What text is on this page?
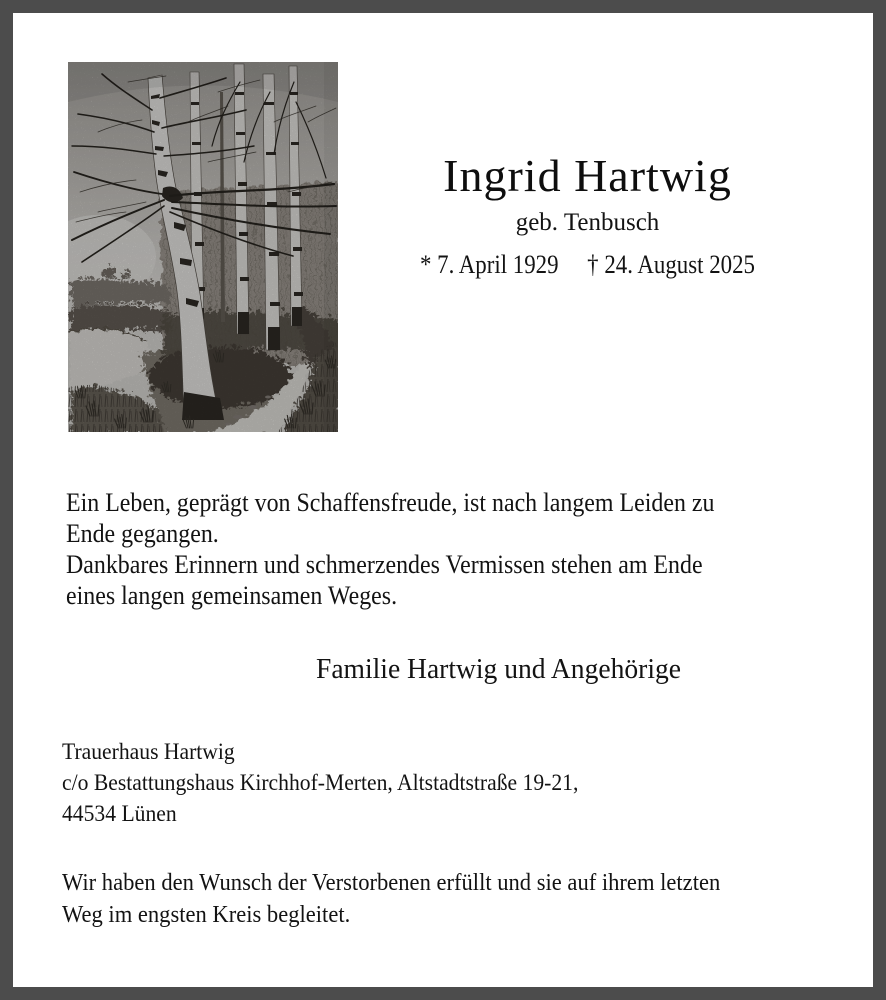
Ingrid Hartwig
geb. Tenbusch
* 7. April 1929 † 24. August 2025
Ein Leben, geprägt von Schaffensfreude, ist nach langem Leiden zu
Ende gegangen.
Dankbares Erinnern und schmerzendes Vermissen stehen am Ende
eines langen gemeinsamen Weges.
Familie Hartwig und Angehörige
Trauerhaus Hartwig
c/o Bestattungshaus Kirchhof-Merten, Altstadtstraße 19-21,
44534 Lünen
Wir haben den Wunsch der Verstorbenen erfüllt und sie auf ihrem letzten
Weg im engsten Kreis begleitet.
